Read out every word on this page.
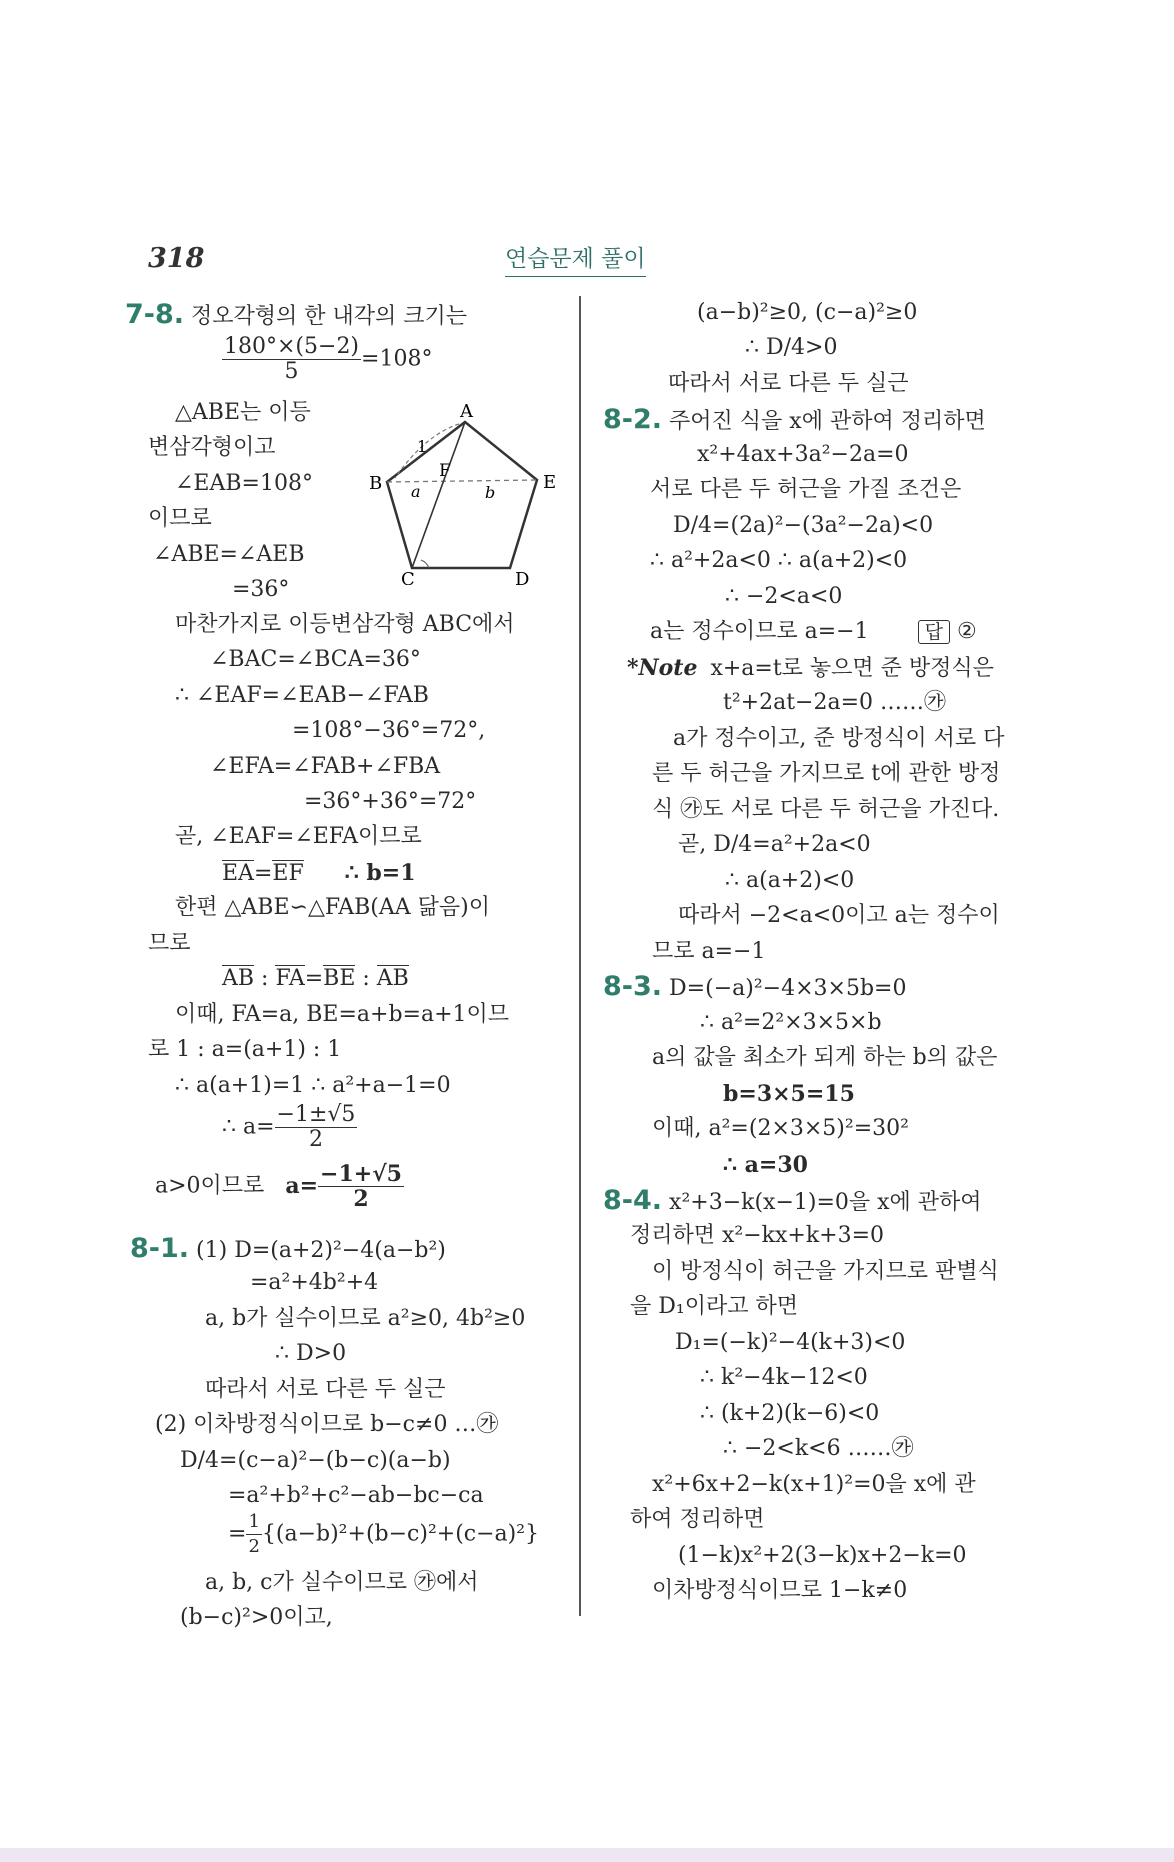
318	연습문제 풀이
7-8. 정오각형의 한 내각의 크기는
$\frac{180^\circ\times(5-2)}{5} =108^\circ$
△ABE는 이등
변삼각형이고
∠EAB=108°
이므로
∠ABE=∠AEB
=36°
A
B	E
C	D
F
1
a	b
마찬가지로 이등변삼각형 ABC에서
∠BAC=∠BCA=36°
∴ ∠EAF=∠EAB−∠FAB
=108°−36°=72°,
∠EFA=∠FAB+∠FBA
=36°+36°=72°
곧, ∠EAF=∠EFA이므로
EA=EF ∴ b=1
한편 △ABE∽△FAB(AA 닮음)이
므로
AB : FA=BE : AB
이때, FA=a, BE=a+b=a+1이므
로 1 : a=(a+1) : 1
∴ a(a+1)=1 ∴ a²+a−1=0
∴ $a= \frac{-1\pm√5}{2}$
a>0이므로 $a= \frac{-1+√5}{2}$
8-1. (1) D=(a+2)²−4(a−b²)
=a²+4b²+4
a, b가 실수이므로 a²≥0, 4b²≥0
∴ D>0
따라서 서로 다른 두 실근
(2) 이차방정식이므로 b−c≠0 …㉮
D/4=(c−a)²−(b−c)(a−b)
=a²+b²+c²−ab−bc−ca
= $\frac{1}{2} \{(a-b)^2+(b-c)^2+(c-a)^2\}$
a, b, c가 실수이므로 ㉮에서
(b−c)²>0이고,
(a−b)²≥0, (c−a)²≥0
∴ D/4>0
따라서 서로 다른 두 실근
8-2. 주어진 식을 x에 관하여 정리하면
x²+4ax+3a²−2a=0
서로 다른 두 허근을 가질 조건은
D/4=(2a)²−(3a²−2a)<0
∴ a²+2a<0 ∴ a(a+2)<0
∴ −2<a<0
a는 정수이므로 a=−1	답 ②
*Note x+a=t로 놓으면 준 방정식은
t²+2at−2a=0 ……㉮
a가 정수이고, 준 방정식이 서로 다
른 두 허근을 가지므로 t에 관한 방정
식 ㉮도 서로 다른 두 허근을 가진다.
곧, D/4=a²+2a<0
∴ a(a+2)<0
따라서 −2<a<0이고 a는 정수이
므로 a=−1
8-3. D=(−a)²−4×3×5b=0
∴ a²=2²×3×5×b
a의 값을 최소가 되게 하는 b의 값은
b=3×5=15
이때, a²=(2×3×5)²=30²
∴ a=30
8-4. x²+3−k(x−1)=0을 x에 관하여
정리하면 x²−kx+k+3=0
이 방정식이 허근을 가지므로 판별식
을 D₁이라고 하면
D₁=(−k)²−4(k+3)<0
∴ k²−4k−12<0
∴ (k+2)(k−6)<0
∴ −2<k<6 ……㉮
x²+6x+2−k(x+1)²=0을 x에 관
하여 정리하면
(1−k)x²+2(3−k)x+2−k=0
이차방정식이므로 1−k≠0
